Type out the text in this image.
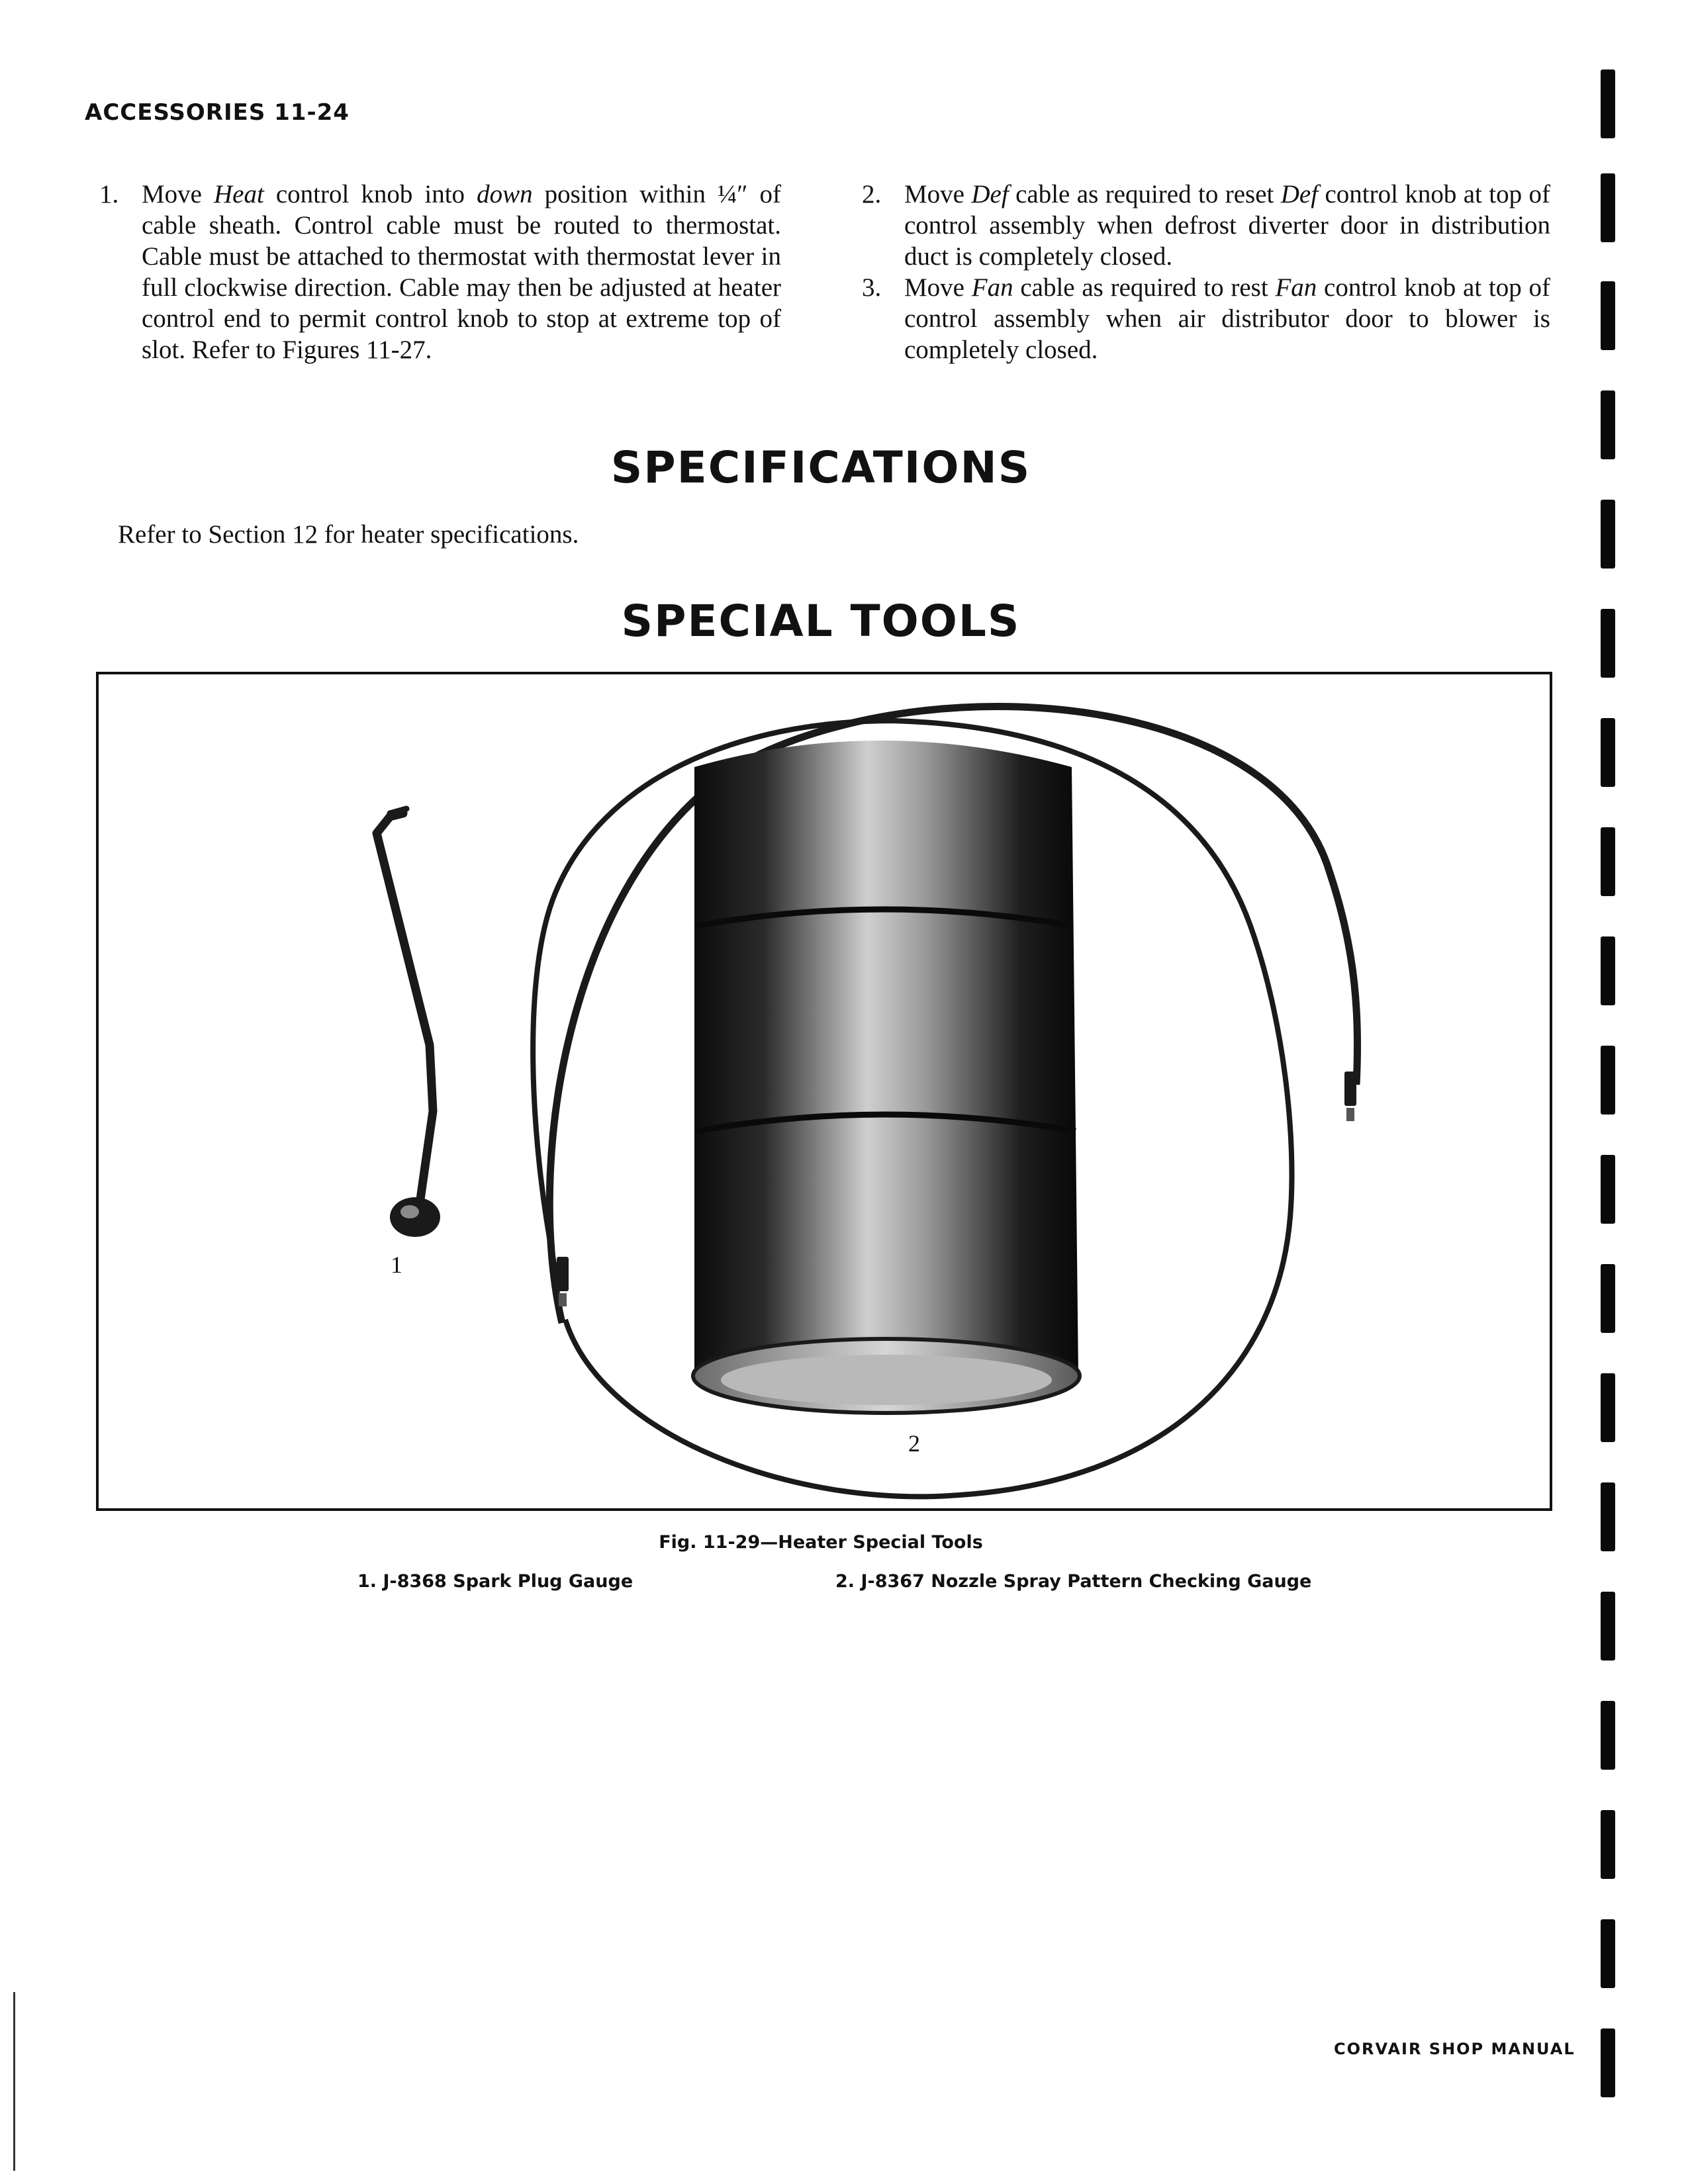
ACCESSORIES 11-24
1. Move Heat control knob into down position within ¼″ of cable sheath. Control cable must be routed to thermostat. Cable must be attached to thermostat with thermostat lever in full clockwise direction. Cable may then be adjusted at heater control end to permit control knob to stop at extreme top of slot. Refer to Figures 11-27.
2. Move Def cable as required to reset Def control knob at top of control assembly when defrost diverter door in distribution duct is completely closed.
3. Move Fan cable as required to rest Fan control knob at top of control assembly when air distributor door to blower is completely closed.
SPECIFICATIONS
Refer to Section 12 for heater specifications.
SPECIAL TOOLS
1
2
Fig. 11-29—Heater Special Tools
1. J-8368 Spark Plug Gauge	2. J-8367 Nozzle Spray Pattern Checking Gauge
CORVAIR SHOP MANUAL
